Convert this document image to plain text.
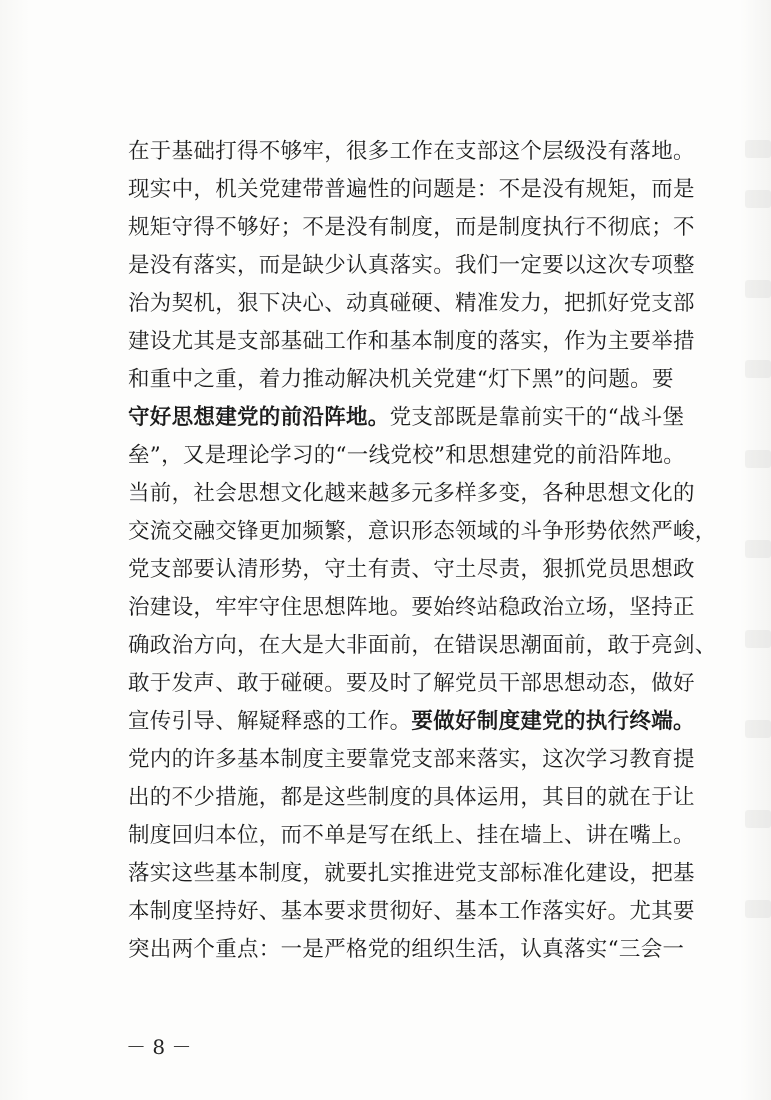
在于基础打得不够牢，很多工作在支部这个层级没有落地。
现实中，机关党建带普遍性的问题是：不是没有规矩，而是
规矩守得不够好；不是没有制度，而是制度执行不彻底；不
是没有落实，而是缺少认真落实。我们一定要以这次专项整
治为契机，狠下决心、动真碰硬、精准发力，把抓好党支部
建设尤其是支部基础工作和基本制度的落实，作为主要举措
和重中之重，着力推动解决机关党建“灯下黑”的问题。要
守好思想建党的前沿阵地。党支部既是靠前实干的“战斗堡
垒”，又是理论学习的“一线党校”和思想建党的前沿阵地。
当前，社会思想文化越来越多元多样多变，各种思想文化的
交流交融交锋更加频繁，意识形态领域的斗争形势依然严峻，
党支部要认清形势，守土有责、守土尽责，狠抓党员思想政
治建设，牢牢守住思想阵地。要始终站稳政治立场，坚持正
确政治方向，在大是大非面前，在错误思潮面前，敢于亮剑、
敢于发声、敢于碰硬。要及时了解党员干部思想动态，做好
宣传引导、解疑释惑的工作。要做好制度建党的执行终端。
党内的许多基本制度主要靠党支部来落实，这次学习教育提
出的不少措施，都是这些制度的具体运用，其目的就在于让
制度回归本位，而不单是写在纸上、挂在墙上、讲在嘴上。
落实这些基本制度，就要扎实推进党支部标准化建设，把基
本制度坚持好、基本要求贯彻好、基本工作落实好。尤其要
突出两个重点：一是严格党的组织生活，认真落实“三会一
－ 8 －
